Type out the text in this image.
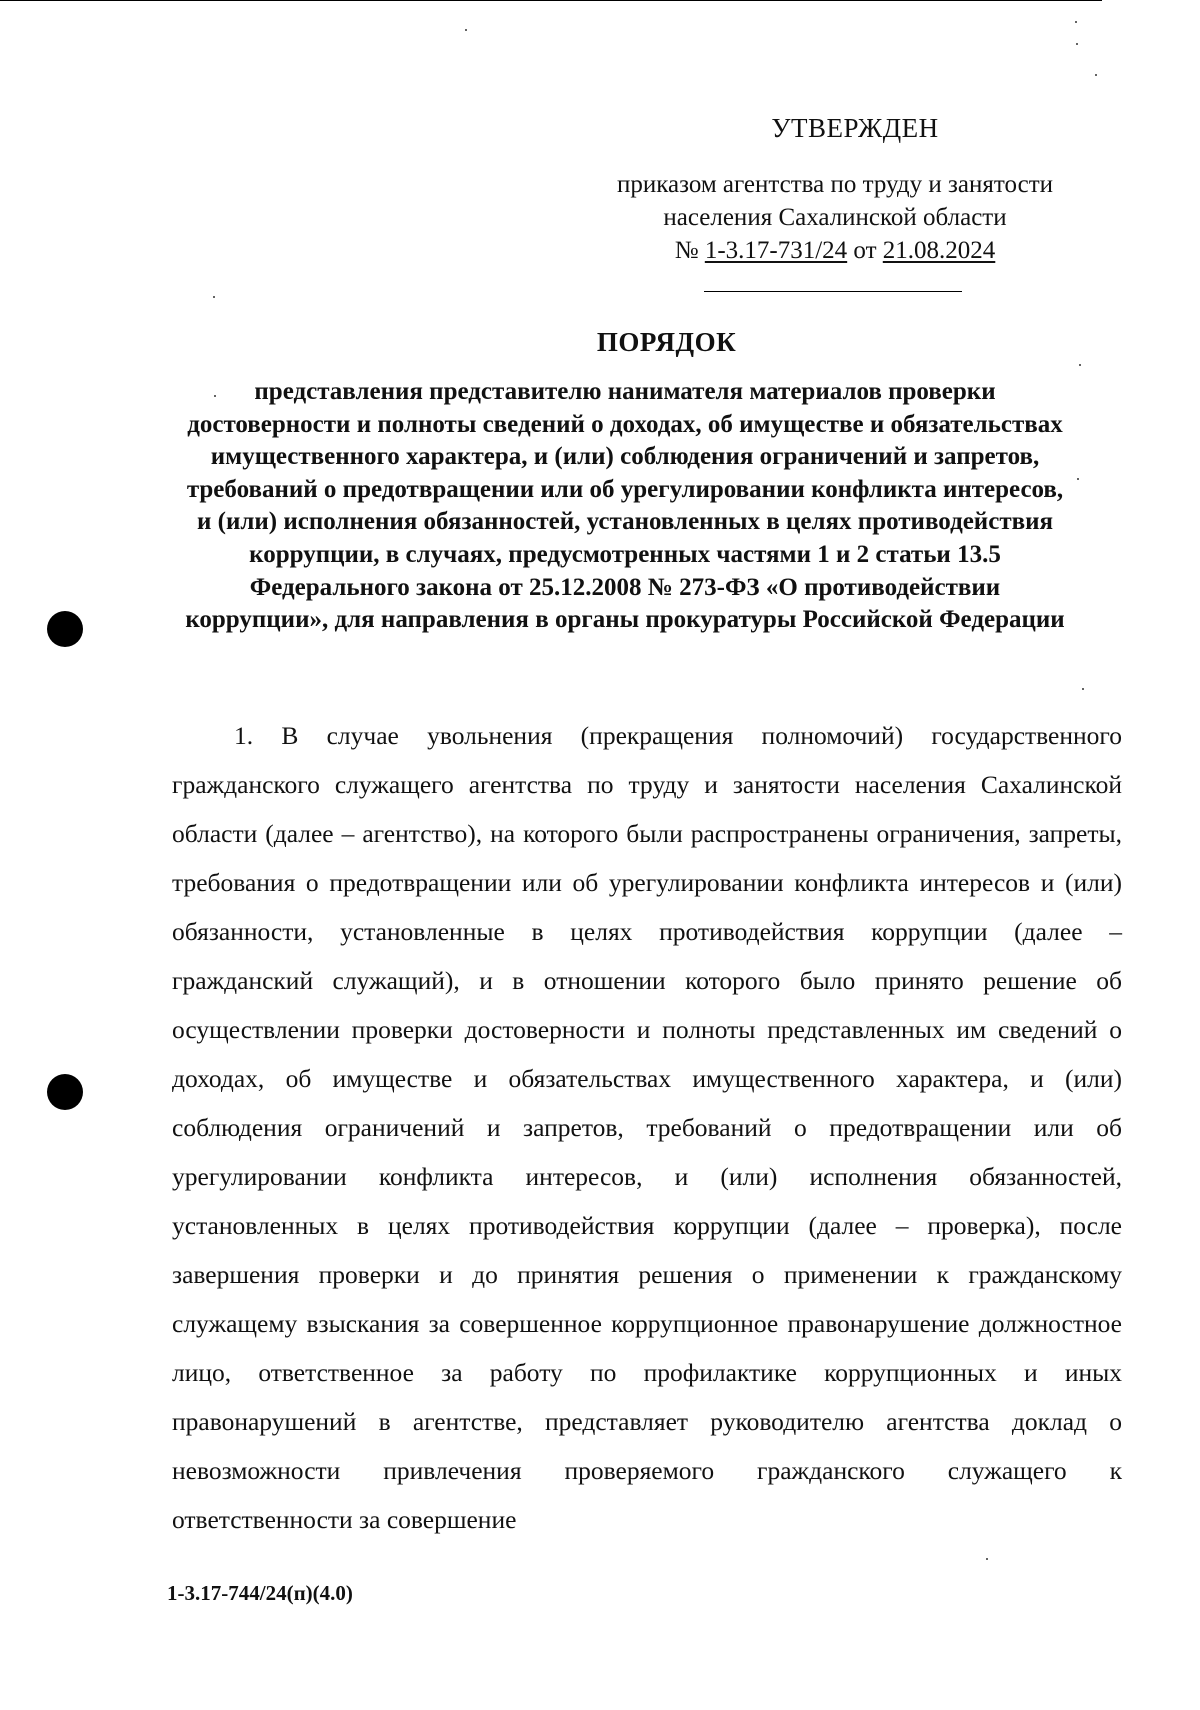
УТВЕРЖДЕН
приказом агентства по труду и занятости
населения Сахалинской области
№ 1-3.17-731/24 от 21.08.2024
ПОРЯДОК
представления представителю нанимателя материалов проверки достоверности и полноты сведений о доходах, об имуществе и обязательствах имущественного характера, и (или) соблюдения ограничений и запретов, требований о предотвращении или об урегулировании конфликта интересов, и (или) исполнения обязанностей, установленных в целях противодействия коррупции, в случаях, предусмотренных частями 1 и 2 статьи 13.5 Федерального закона от 25.12.2008 № 273-ФЗ «О противодействии коррупции», для направления в органы прокуратуры Российской Федерации

1. В случае увольнения (прекращения полномочий) государственного гражданского служащего агентства по труду и занятости населения Сахалинской области (далее – агентство), на которого были распространены ограничения, запреты, требования о предотвращении или об урегулировании конфликта интересов и (или) обязанности, установленные в целях противодействия коррупции (далее – гражданский служащий), и в отношении которого было принято решение об осуществлении проверки достоверности и полноты представленных им сведений о доходах, об имуществе и обязательствах имущественного характера, и (или) соблюдения ограничений и запретов, требований о предотвращении или об урегулировании конфликта интересов, и (или) исполнения обязанностей, установленных в целях противодействия коррупции (далее – проверка), после завершения проверки и до принятия решения о применении к гражданскому служащему взыскания за совершенное коррупционное правонарушение должностное лицо, ответственное за работу по профилактике коррупционных и иных правонарушений в агентстве, представляет руководителю агентства доклад о невозможности привлечения проверяемого гражданского служащего к ответственности за совершение

1-3.17-744/24(п)(4.0)
